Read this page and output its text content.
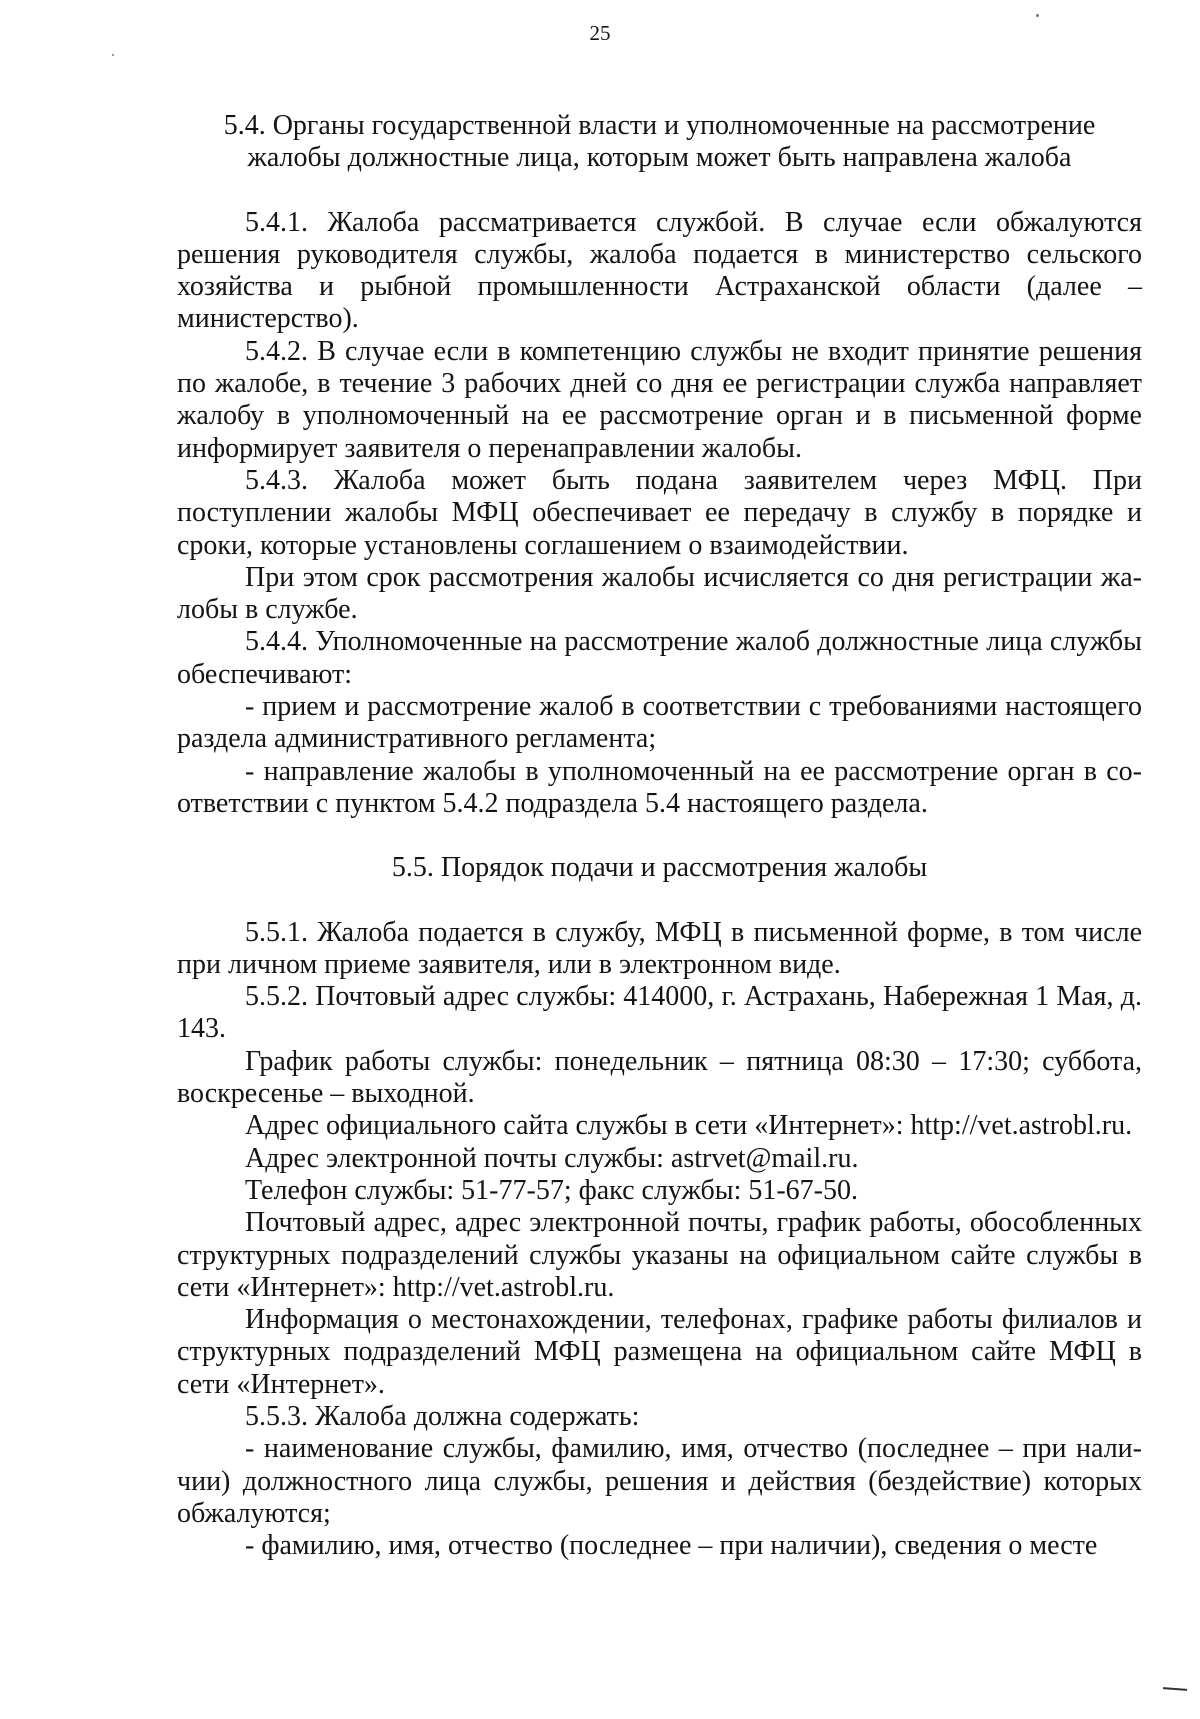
25

5.4. Органы государственной власти и уполномоченные на рассмотрение жалобы должностные лица, которым может быть направлена жалоба

5.4.1. Жалоба рассматривается службой. В случае если обжалуются решения руководителя службы, жалоба подается в министерство сельского хозяйства и рыбной промышленности Астраханской области (далее – министерство).

5.4.2. В случае если в компетенцию службы не входит принятие решения по жалобе, в течение 3 рабочих дней со дня ее регистрации служба направляет жалобу в уполномоченный на ее рассмотрение орган и в письменной форме информирует заявителя о перенаправлении жалобы.

5.4.3. Жалоба может быть подана заявителем через МФЦ. При поступлении жалобы МФЦ обеспечивает ее передачу в службу в порядке и сроки, которые установлены соглашением о взаимодействии.

При этом срок рассмотрения жалобы исчисляется со дня регистрации жалобы в службе.

5.4.4. Уполномоченные на рассмотрение жалоб должностные лица службы обеспечивают:

- прием и рассмотрение жалоб в соответствии с требованиями настоящего раздела административного регламента;

- направление жалобы в уполномоченный на ее рассмотрение орган в соответствии с пунктом 5.4.2 подраздела 5.4 настоящего раздела.

5.5. Порядок подачи и рассмотрения жалобы

5.5.1. Жалоба подается в службу, МФЦ в письменной форме, в том числе при личном приеме заявителя, или в электронном виде.

5.5.2. Почтовый адрес службы: 414000, г. Астрахань, Набережная 1 Мая, д. 143.

График работы службы: понедельник – пятница 08:30 – 17:30; суббота, воскресенье – выходной.

Адрес официального сайта службы в сети «Интернет»: http://vet.astrobl.ru.

Адрес электронной почты службы: astrvet@mail.ru.

Телефон службы: 51-77-57; факс службы: 51-67-50.

Почтовый адрес, адрес электронной почты, график работы, обособленных структурных подразделений службы указаны на официальном сайте службы в сети «Интернет»: http://vet.astrobl.ru.

Информация о местонахождении, телефонах, графике работы филиалов и структурных подразделений МФЦ размещена на официальном сайте МФЦ в сети «Интернет».

5.5.3. Жалоба должна содержать:

- наименование службы, фамилию, имя, отчество (последнее – при наличии) должностного лица службы, решения и действия (бездействие) которых обжалуются;

- фамилию, имя, отчество (последнее – при наличии), сведения о месте
